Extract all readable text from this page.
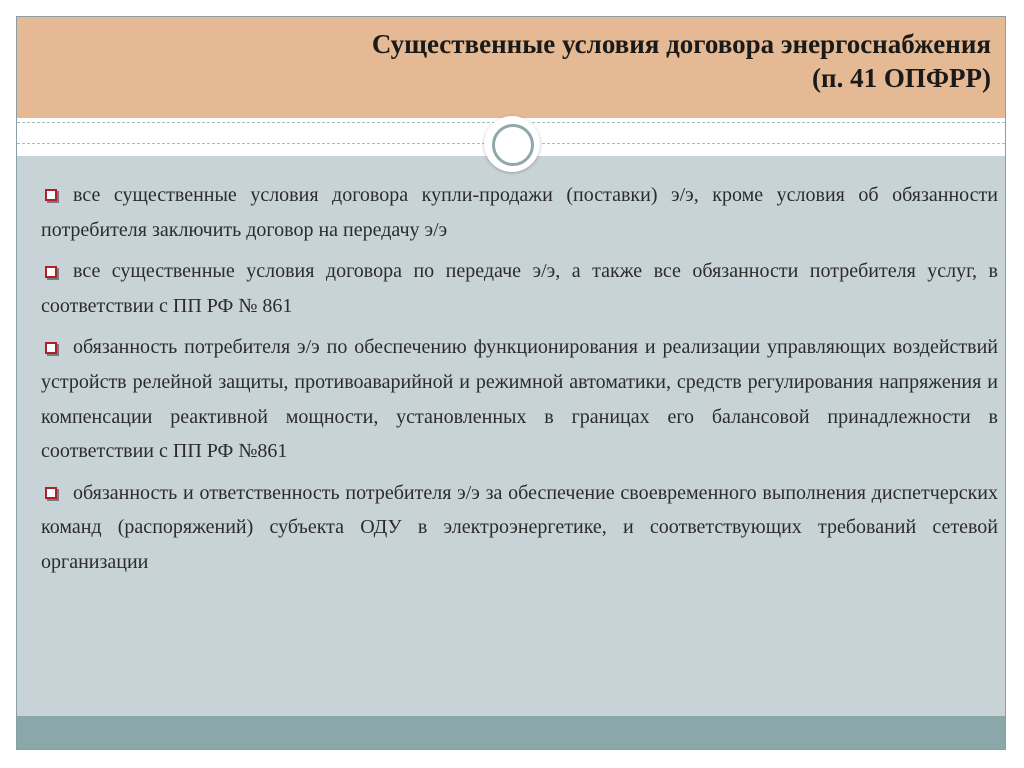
Существенные условия договора энергоснабжения
(п. 41 ОПФРР)
все существенные условия договора купли-продажи (поставки) э/э, кроме условия об обязанности потребителя заключить договор на передачу э/э
все существенные условия договора по передаче э/э, а также все обязанности потребителя услуг, в соответствии с ПП РФ № 861
обязанность потребителя э/э по обеспечению функционирования и реализации управляющих воздействий устройств релейной защиты, противоаварийной и режимной автоматики, средств регулирования напряжения и компенсации реактивной мощности, установленных в границах его балансовой принадлежности в соответствии с ПП РФ №861
обязанность и ответственность потребителя э/э за обеспечение своевременного выполнения диспетчерских команд (распоряжений) субъекта ОДУ в электроэнергетике, и соответствующих требований сетевой организации
